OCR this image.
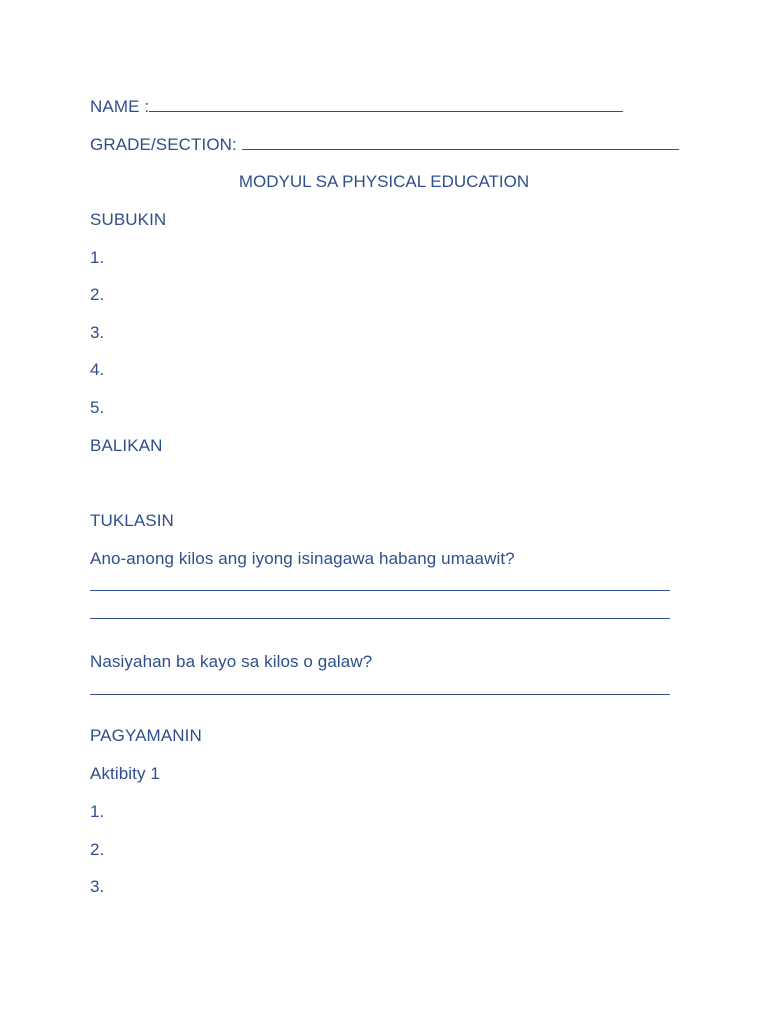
NAME :
GRADE/SECTION:
MODYUL SA PHYSICAL EDUCATION
SUBUKIN
1.
2.
3.
4.
5.
BALIKAN
TUKLASIN
Ano-anong kilos ang iyong isinagawa habang umaawit?
Nasiyahan ba kayo sa kilos o galaw?
PAGYAMANIN
Aktibity 1
1.
2.
3.
